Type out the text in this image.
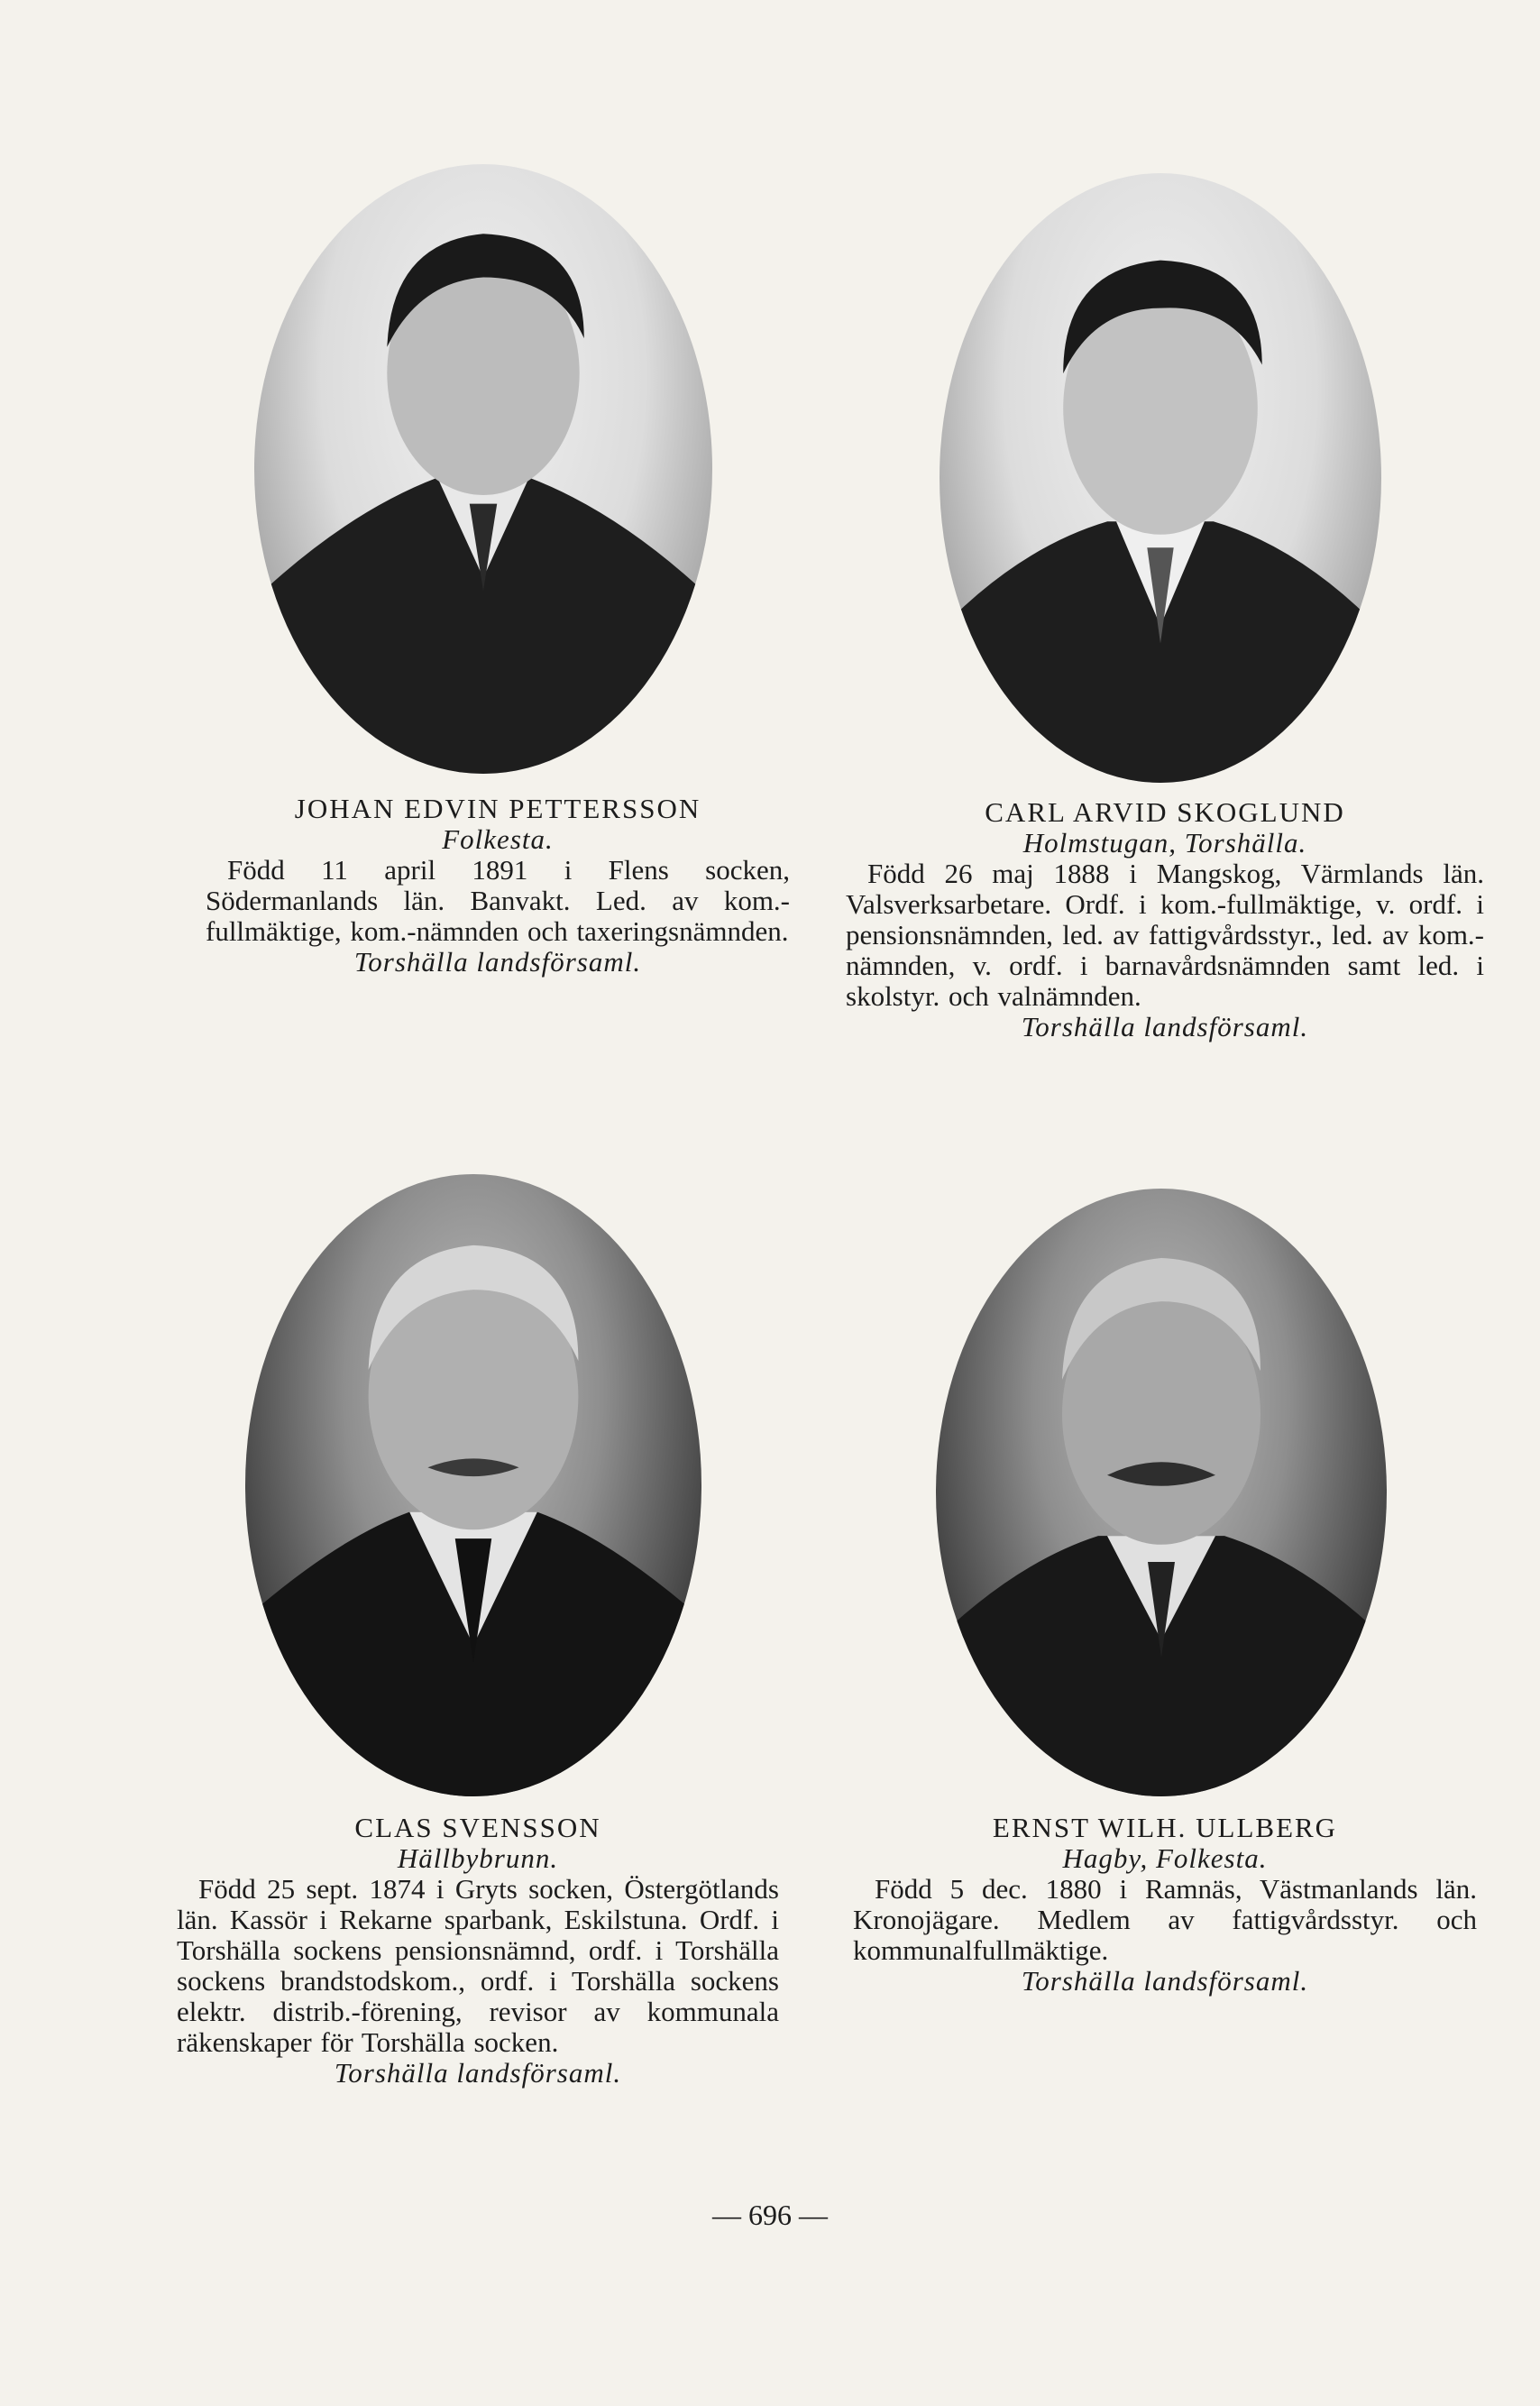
JOHAN EDVIN PETTERSSON
Folkesta.
Född 11 april 1891 i Flens socken, Södermanlands län. Banvakt. Led. av kom.-fullmäktige, kom.-nämnden och taxeringsnämnden.
Torshälla landsförsaml.
CARL ARVID SKOGLUND
Holmstugan, Torshälla.
Född 26 maj 1888 i Mangskog, Värmlands län. Valsverksarbetare. Ordf. i kom.-fullmäktige, v. ordf. i pensionsnämnden, led. av fattigvårdsstyr., led. av kom.-nämnden, v. ordf. i barnavårdsnämnden samt led. i skolstyr. och valnämnden.
Torshälla landsförsaml.
CLAS SVENSSON
Hällbybrunn.
Född 25 sept. 1874 i Gryts socken, Östergötlands län. Kassör i Rekarne sparbank, Eskilstuna. Ordf. i Torshälla sockens pensionsnämnd, ordf. i Torshälla sockens brandstodskom., ordf. i Torshälla sockens elektr. distrib.-förening, revisor av kommunala räkenskaper för Torshälla socken.
Torshälla landsförsaml.
ERNST WILH. ULLBERG
Hagby, Folkesta.
Född 5 dec. 1880 i Ramnäs, Västmanlands län. Kronojägare. Medlem av fattigvårdsstyr. och kommunalfullmäktige.
Torshälla landsförsaml.
— 696 —
